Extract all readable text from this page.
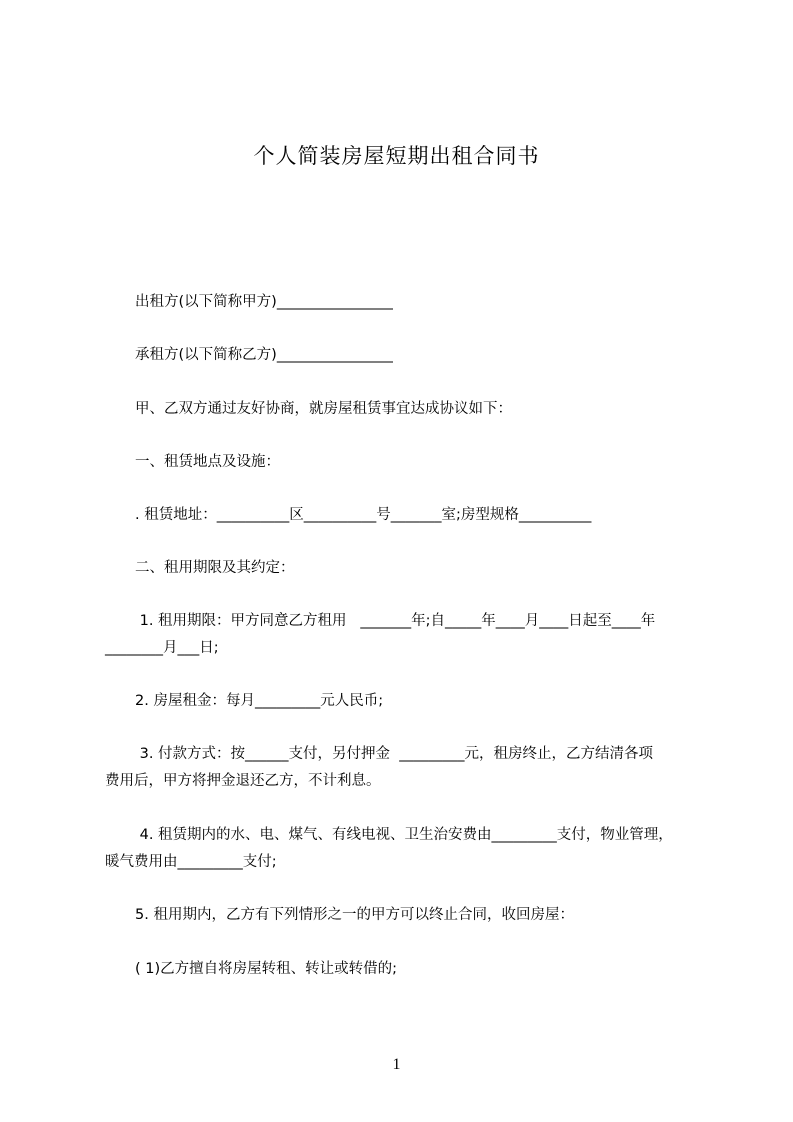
个人简装房屋短期出租合同书
出租方(以下简称甲方)________________
承租方(以下简称乙方)________________
甲、乙双方通过友好协商，就房屋租赁事宜达成协议如下：
一、租赁地点及设施：
. 租赁地址：__________区__________号_______室;房型规格__________
二、租用期限及其约定：
1. 租用期限：甲方同意乙方租用   _______年;自_____年____月____日起至____年
________月___日;
2. 房屋租金：每月_________元人民币;
3. 付款方式：按______支付，另付押金  _________元，租房终止，乙方结清各项
费用后，甲方将押金退还乙方，不计利息。
4. 租赁期内的水、电、煤气、有线电视、卫生治安费由_________支付，物业管理，
暖气费用由_________支付;
5. 租用期内，乙方有下列情形之一的甲方可以终止合同，收回房屋：
( 1)乙方擅自将房屋转租、转让或转借的;
1
